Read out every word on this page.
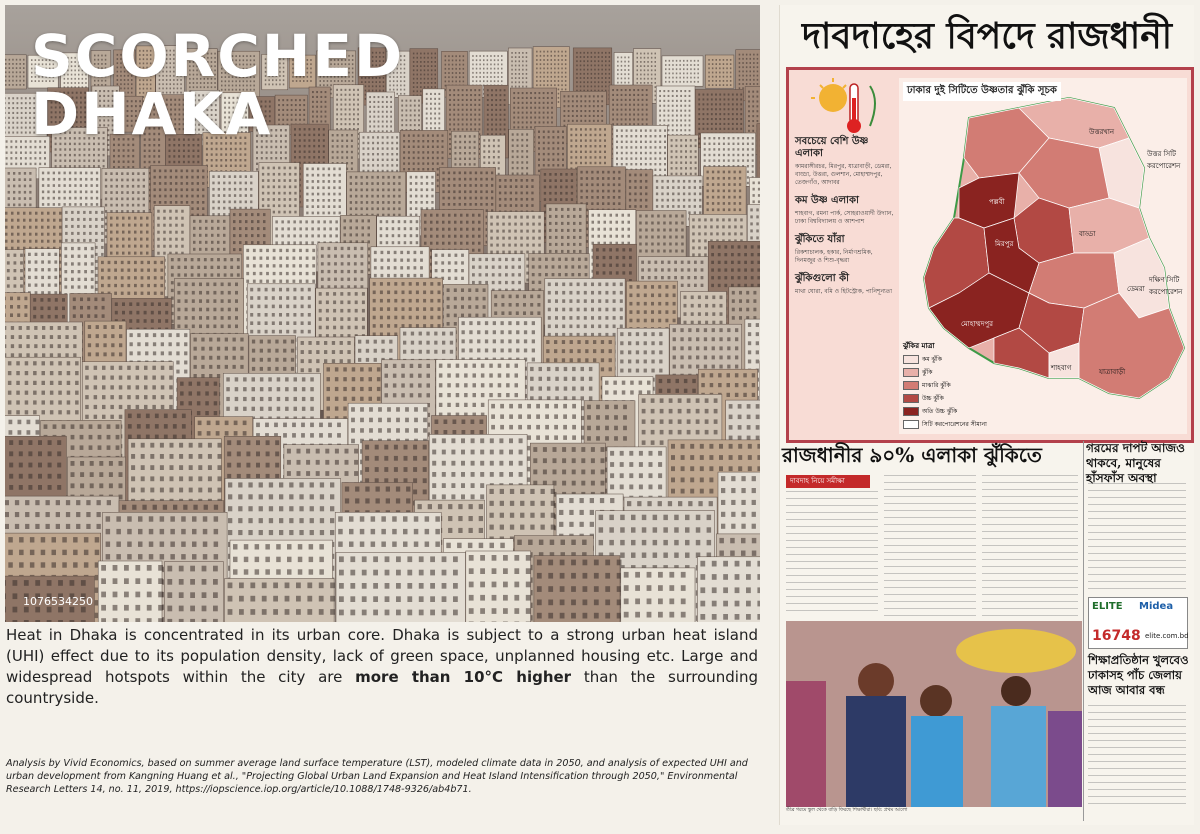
SCORCHED
DHAKA
1076534250
Heat in Dhaka is concentrated in its urban core. Dhaka is subject to a strong urban heat island (UHI) effect due to its population density, lack of green space, unplanned housing etc. Large and widespread hotspots within the city are more than 10°C higher than the surrounding countryside.
Analysis by Vivid Economics, based on summer average land surface temperature (LST), modeled climate data in 2050, and analysis of expected UHI and urban development from Kangning Huang et al., "Projecting Global Urban Land Expansion and Heat Island Intensification through 2050," Environmental Research Letters 14, no. 11, 2019, https://iopscience.iop.org/article/10.1088/1748-9326/ab4b71.
দাবদাহের বিপদে রাজধানী
সবচেয়ে বেশি উষ্ণ এলাকা
কামরাঙ্গীরচর, মিরপুর, যাত্রাবাড়ী, ডেমরা, বাড্ডা, উত্তরা, গুলশান, মোহাম্মদপুর, তেজগাঁও, আদাবর
কম উষ্ণ এলাকা
শাহবাগ, রমনা পার্ক, সোহরাওয়ার্দী উদ্যান, ঢাকা বিশ্ববিদ্যালয় ও আশপাশ
ঝুঁকিতে যাঁরা
রিকশাচালক, হকার, নির্মাণশ্রমিক, দিনমজুর ও শিশু-বৃদ্ধরা
ঝুঁকিগুলো কী
মাথা ঘোরা, বমি ও হিটস্ট্রোক, পানিশূন্যতা
ঢাকার দুই সিটিতে উষ্ণতার ঝুঁকি সূচক
উত্তর সিটি করপোরেশন
দক্ষিণ সিটি করপোরেশন
উত্তরখান
পল্লবী
মিরপুর
বাড্ডা
ডেমরা
মোহাম্মদপুর
শাহবাগ	যাত্রাবাড়ী
ঝুঁকির মাত্রা
কম ঝুঁকি
ঝুঁকি
মাঝারি ঝুঁকি
উচ্চ ঝুঁকি
অতি উচ্চ ঝুঁকি
সিটি করপোরেশনের সীমানা
রাজধানীর ৯০% এলাকা ঝুঁকিতে	গরমের দাপট আজও থাকবে, মানুষের হাঁসফাঁস অবস্থা
দাবদাহ নিয়ে সমীক্ষা
ELITE Midea
16748 elite.com.bd
শিক্ষাপ্রতিষ্ঠান খুলবেও ঢাকাসহ পাঁচ জেলায় আজ আবার বন্ধ
তীব্র গরমে স্কুল থেকে বাড়ি ফিরছে শিক্ষার্থীরা। ছবি: প্রথম আলো
